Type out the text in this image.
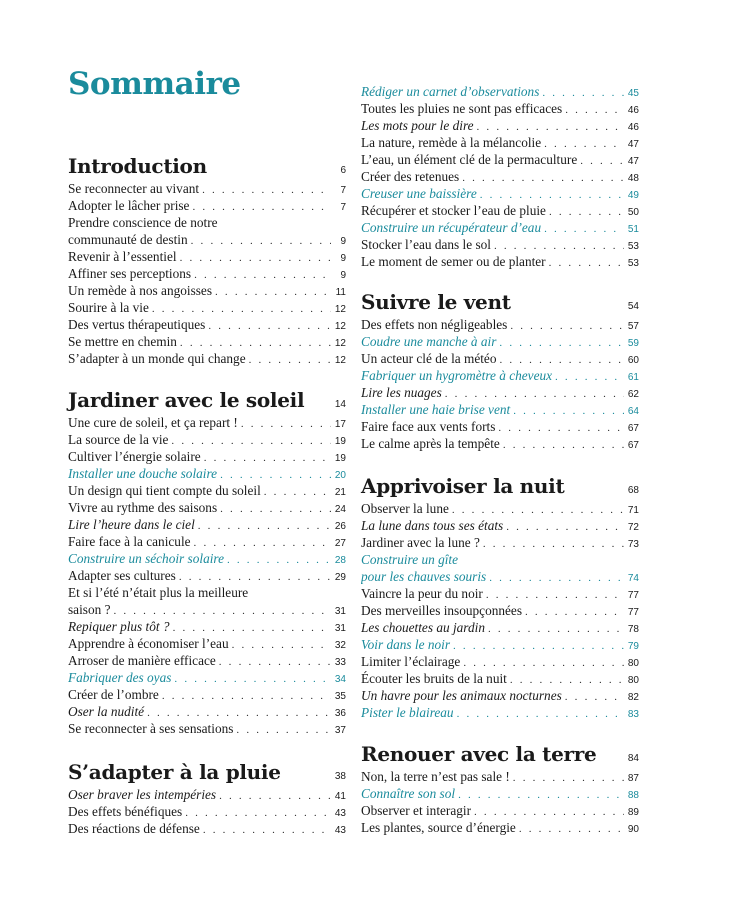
Sommaire
Introduction	6
Se reconnecter au vivant . . .	7
Adopter le lâcher prise . . .	7
Prendre conscience de notre
communauté de destin . . .	9
Revenir à l’essentiel . . .	9
Affiner ses perceptions . . .	9
Un remède à nos angoisses . . .	11
Sourire à la vie . . .	12
Des vertus thérapeutiques . . .	12
Se mettre en chemin . . .	12
S’adapter à un monde qui change . . .	12
Jardiner avec le soleil	14
Une cure de soleil, et ça repart ! . . .	17
La source de la vie . . .	19
Cultiver l’énergie solaire . . .	19
Installer une douche solaire . . .	20
Un design qui tient compte du soleil . . .	21
Vivre au rythme des saisons . . .	24
Lire l’heure dans le ciel . . .	26
Faire face à la canicule . . .	27
Construire un séchoir solaire . . .	28
Adapter ses cultures . . .	29
Et si l’été n’était plus la meilleure
saison ? . . .	31
Repiquer plus tôt ? . . .	31
Apprendre à économiser l’eau . . .	32
Arroser de manière efficace . . .	33
Fabriquer des oyas . . .	34
Créer de l’ombre . . .	35
Oser la nudité . . .	36
Se reconnecter à ses sensations . . .	37
S’adapter à la pluie	38
Oser braver les intempéries . . .	41
Des effets bénéfiques . . .	43
Des réactions de défense . . .	43
Rédiger un carnet d’observations . . .	45
Toutes les pluies ne sont pas efficaces . . .	46
Les mots pour le dire . . .	46
La nature, remède à la mélancolie . . .	47
L’eau, un élément clé de la permaculture . . .	47
Créer des retenues . . .	48
Creuser une baissière . . .	49
Récupérer et stocker l’eau de pluie . . .	50
Construire un récupérateur d’eau . . .	51
Stocker l’eau dans le sol . . .	53
Le moment de semer ou de planter . . .	53
Suivre le vent	54
Des effets non négligeables . . .	57
Coudre une manche à air . . .	59
Un acteur clé de la météo . . .	60
Fabriquer un hygromètre à cheveux . . .	61
Lire les nuages . . .	62
Installer une haie brise vent . . .	64
Faire face aux vents forts . . .	67
Le calme après la tempête . . .	67
Apprivoiser la nuit	68
Observer la lune . . .	71
La lune dans tous ses états . . .	72
Jardiner avec la lune ? . . .	73
Construire un gîte
pour les chauves souris . . .	74
Vaincre la peur du noir . . .	77
Des merveilles insoupçonnées . . .	77
Les chouettes au jardin . . .	78
Voir dans le noir . . .	79
Limiter l’éclairage . . .	80
Écouter les bruits de la nuit . . .	80
Un havre pour les animaux nocturnes . . .	82
Pister le blaireau . . .	83
Renouer avec la terre	84
Non, la terre n’est pas sale ! . . .	87
Connaître son sol . . .	88
Observer et interagir . . .	89
Les plantes, source d’énergie . . .	90
